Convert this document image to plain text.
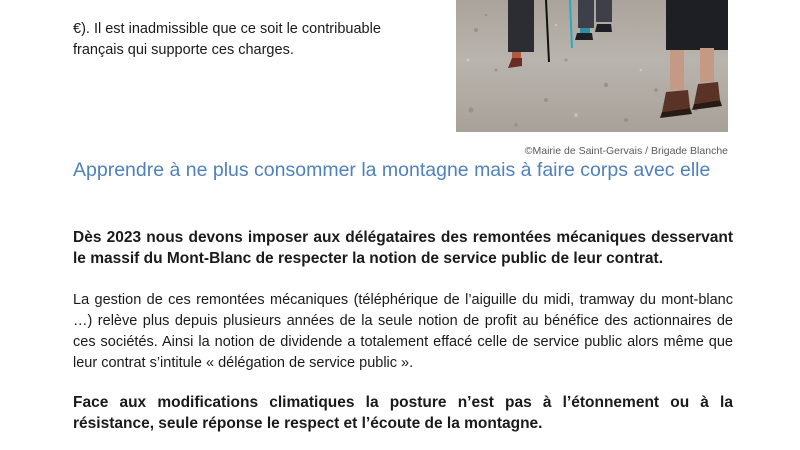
€). Il est inadmissible que ce soit le contribuable français qui supporte ces charges.

©Mairie de Saint-Gervais / Brigade Blanche
Apprendre à ne plus consommer la montagne mais à faire corps avec elle

Dès 2023 nous devons imposer aux délégataires des remontées mécaniques desservant le massif du Mont-Blanc de respecter la notion de service public de leur contrat.

La gestion de ces remontées mécaniques (téléphérique de l’aiguille du midi, tramway du mont-blanc …) relève plus depuis plusieurs années de la seule notion de profit au bénéfice des actionnaires de ces sociétés. Ainsi la notion de dividende a totalement effacé celle de service public alors même que leur contrat s’intitule « délégation de service public ».

Face aux modifications climatiques la posture n’est pas à l’étonnement ou à la résistance, seule réponse le respect et l’écoute de la montagne.
